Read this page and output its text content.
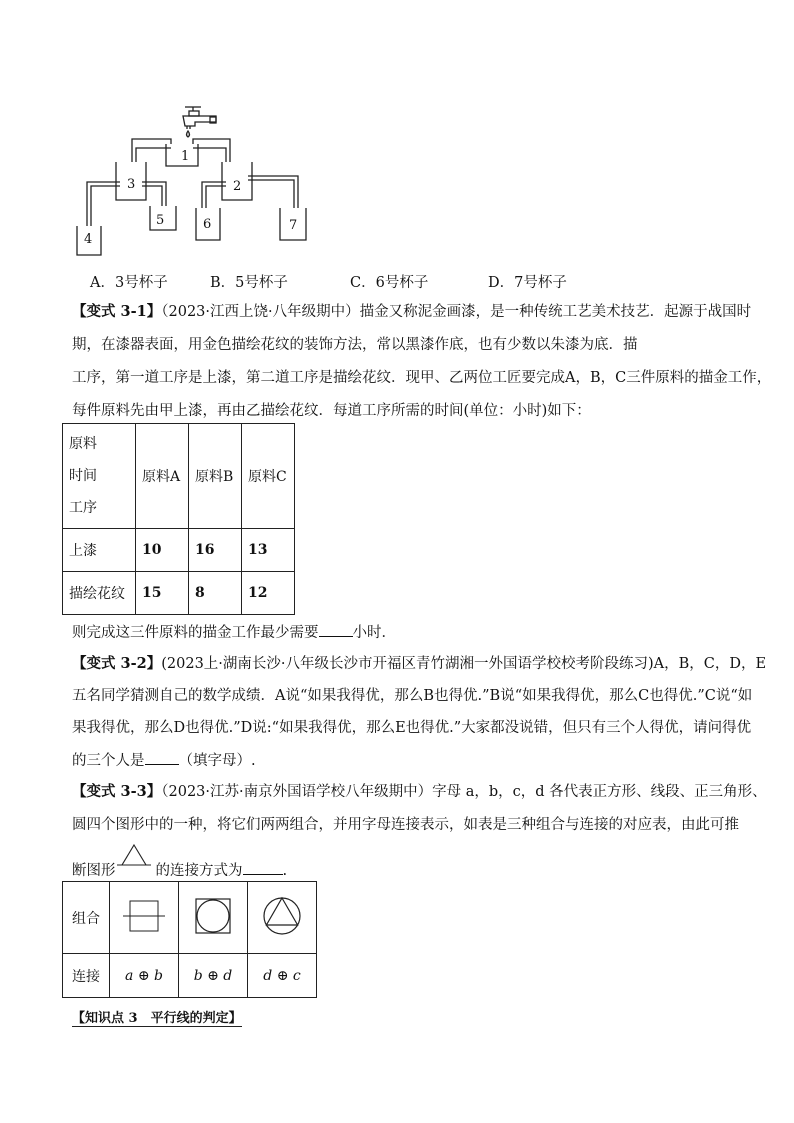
1
2
3
4
5	6	7
A．3号杯子	B．5号杯子	C．6号杯子	D．7号杯子
【变式 3-1】（2023·江西上饶·八年级期中）描金又称泥金画漆，是一种传统工艺美术技艺．起源于战国时
期，在漆器表面，用金色描绘花纹的装饰方法，常以黑漆作底，也有少数以朱漆为底．描
工序，第一道工序是上漆，第二道工序是描绘花纹．现甲、乙两位工匠要完成A，B，C三件原料的描金工作，
每件原料先由甲上漆，再由乙描绘花纹．每道工序所需的时间(单位：小时)如下：
原料
时间
工序	原料A	原料B	原料C
上漆	10	16	13
描绘花纹	15	8	12
则完成这三件原料的描金工作最少需要 小时．
【变式 3-2】(2023上·湖南长沙·八年级长沙市开福区青竹湖湘一外国语学校校考阶段练习)A，B，C，D，E
五名同学猜测自己的数学成绩．A说“如果我得优，那么B也得优.”B说“如果我得优，那么C也得优.”C说“如
果我得优，那么D也得优.”D说:“如果我得优，那么E也得优.”大家都没说错，但只有三个人得优，请问得优
的三个人是 （填字母）.
【变式 3-3】（2023·江苏·南京外国语学校八年级期中）字母 a，b，c，d 各代表正方形、线段、正三角形、
圆四个图形中的一种，将它们两两组合，并用字母连接表示，如表是三种组合与连接的对应表，由此可推
断图形	的连接方式为	.
组合			
连接	a ⊕ b	b ⊕ d	d ⊕ c
【知识点 3　平行线的判定】
